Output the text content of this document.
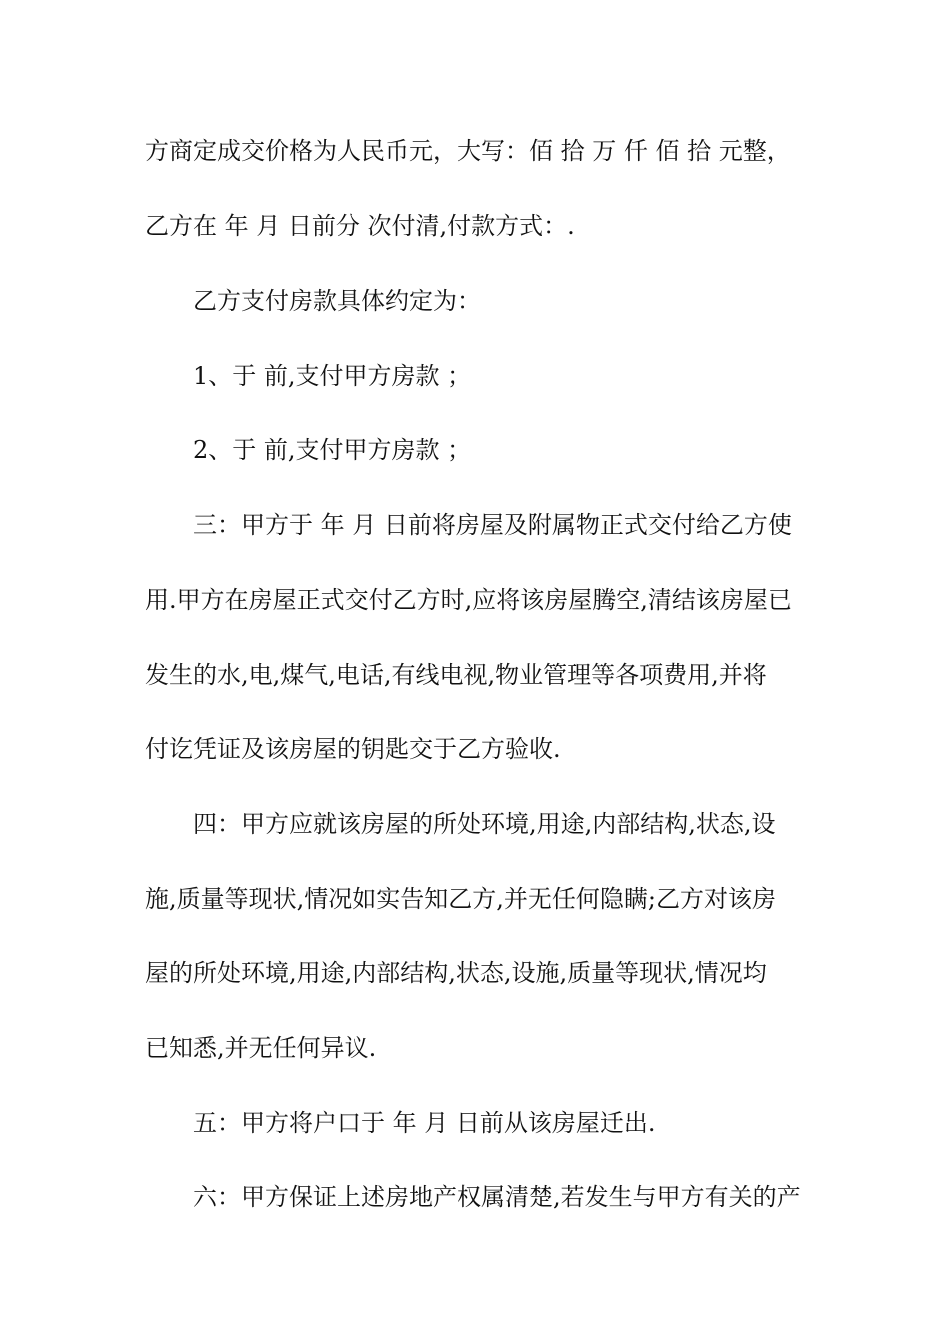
方商定成交价格为人民币元，大写：佰 拾 万 仟 佰 拾 元整，
乙方在 年 月 日前分 次付清,付款方式：.
乙方支付房款具体约定为：
1、于 前,支付甲方房款 ；
2、于 前,支付甲方房款 ；
三：甲方于 年 月 日前将房屋及附属物正式交付给乙方使
用.甲方在房屋正式交付乙方时,应将该房屋腾空,清结该房屋已
发生的水,电,煤气,电话,有线电视,物业管理等各项费用,并将
付讫凭证及该房屋的钥匙交于乙方验收.
四：甲方应就该房屋的所处环境,用途,内部结构,状态,设
施,质量等现状,情况如实告知乙方,并无任何隐瞒;乙方对该房
屋的所处环境,用途,内部结构,状态,设施,质量等现状,情况均
已知悉,并无任何异议.
五：甲方将户口于 年 月 日前从该房屋迁出.
六：甲方保证上述房地产权属清楚,若发生与甲方有关的产
